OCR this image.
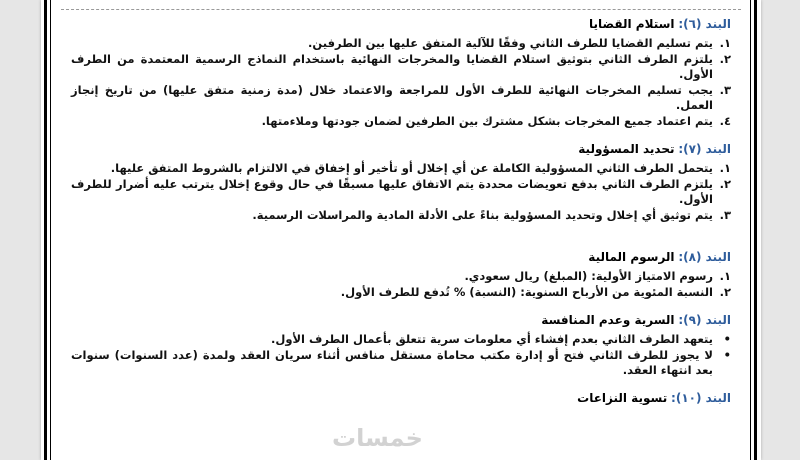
البند (٦): استلام القضايا
١.
يتم تسليم القضايا للطرف الثاني وفقًا للآلية المتفق عليها بين الطرفين.
٢.
يلتزم الطرف الثاني بتوثيق استلام القضايا والمخرجات النهائية باستخدام النماذج الرسمية المعتمدة من الطرف الأول.
٣.
يجب تسليم المخرجات النهائية للطرف الأول للمراجعة والاعتماد خلال (مدة زمنية متفق عليها) من تاريخ إنجاز العمل.
٤.
يتم اعتماد جميع المخرجات بشكل مشترك بين الطرفين لضمان جودتها وملاءمتها.
البند (٧): تحديد المسؤولية
١.
يتحمل الطرف الثاني المسؤولية الكاملة عن أي إخلال أو تأخير أو إخفاق في الالتزام بالشروط المتفق عليها.
٢.
يلتزم الطرف الثاني بدفع تعويضات محددة يتم الاتفاق عليها مسبقًا في حال وقوع إخلال يترتب عليه أضرار للطرف الأول.
٣.
يتم توثيق أي إخلال وتحديد المسؤولية بناءً على الأدلة المادية والمراسلات الرسمية.
البند (٨): الرسوم المالية
١.
رسوم الامتياز الأولية: (المبلغ) ريال سعودي.
٢.
النسبة المئوية من الأرباح السنوية: (النسبة) % تُدفع للطرف الأول.
البند (٩): السرية وعدم المنافسة
•
يتعهد الطرف الثاني بعدم إفشاء أي معلومات سرية تتعلق بأعمال الطرف الأول.
•
لا يجوز للطرف الثاني فتح أو إدارة مكتب محاماة مستقل منافس أثناء سريان العقد ولمدة (عدد السنوات) سنوات بعد انتهاء العقد.
البند (١٠): تسوية النزاعات
خمسات
